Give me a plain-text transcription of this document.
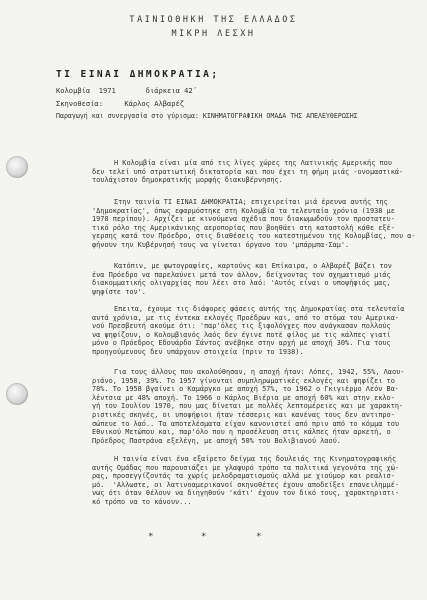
ΤΑΙΝΙΟΘΗΚΗ ΤΗΣ ΕΛΛΑΔΟΣ
ΜΙΚΡΗ ΛΕΣΧΗ
ΤΙ ΕΙΝΑΙ ΔΗΜΟΚΡΑΤΙΑ;
Κολομβία  1971       διάρκεια 42΄
Σκηνοθεσία:     Κάρλος Αλβαρέζ
Παραγωγή και συνεργασία στο γύρισμα: ΚΙΝΗΜΑΤΟΓΡΑΦΙΚΗ ΟΜΑΔΑ ΤΗΣ ΑΠΕΛΕΥΘΕΡΩΣΗΣ
Η Κολομβία είναι μία από τις λίγες χώρες της Λατινικής Αμερικής που
δεν τελεί υπό στρατιωτική δικτατορία και που έχει τη φήμη μιάς -ονομαστικά-
τουλάχιστον δημοκρατικής μορφής διακυβέρνησης.
Στην ταινία ΤΙ ΕΙΝΑΙ ΔΗΜΟΚΡΑΤΙΑ; επιχειρείται μιά έρευνα αυτής της
'Δημοκρατίας', όπως εφαρμόστηκε στη Κολομβία τα τελευταία χρόνια (1938 με
1978 περίπου). Αρχίζει με κινούμενα σχέδια που διακωμωδούν τον προστατευ-
τικό ρόλο της Αμερικάνικης αεροπορίας που βοηθάει στη καταστολή κάθε εξέ-
γερσης κατά τον Πρόεδρο, στις διαθέσεις του κατεστημένου της Κολομβίας, που α-
φήνουν την Κυβέρνησή τους να γίνεται όργανο του 'μπάρμπα-Σαμ'.
Κατόπιν, με φωτογραφίες, καρτούνς και Επίκαιρα, ο Αλβαρέζ βάζει τον
ένα Πρόεδρο να παρελαύνει μετά τον άλλον, δείχνοντας τον σχηματισμό μιάς
διακομματικής ολιγαρχίας που λέει στο λαό: 'Αυτός είναι ο υποψήφιός μας,
ψηφίστε τον'.
Επειτα, έχουμε τις διάφορες φάσεις αυτής της Δημοκρατίας στα τελευταία
αυτά χρόνια, με τις έντεκα εκλογές Προέδρων και, από το στόμα του Αμερικα-
νού Πρεσβευτή ακούμε ότι: 'παρ'όλες τις ξιφολόγχες που ανάγκασαν πολλούς
να ψηφίζουν, ο Κολομβιανός λαός δεν έγινε ποτέ φίλος με τις κάλπες γιατί
μόνο ο Πρόεδρος Εδουάρδο Σάντος ανέβηκε στην αρχή με αποχή 30%. Για τους
προηγούμενους δεν υπάρχουν στοιχεία (πριν το 1938).
Για τους άλλους που ακολούθησαν, η αποχή ήταν: Λόπες, 1942, 55%, Λαου-
ριάνο, 1950, 39%. Το 1957 γίνονται συμπληρωματικές εκλογές και ψηφίζει το
78%. Το 1958 βγαίνει ο Καμάργκο με αποχή 57%, το 1962 ο Γκιγιέρμο Λεόν Βα-
λέντσια με 48% αποχή. Το 1966 ο Κάρλος Βιέρια με αποχή 60% και στην εκλο-
γή του Ιουλίου 1970, που μας δίνεται με πολλές λεπτομέρειες και με χαρακτη-
ριστικές σκηνές, οι υποψήφιοι ήταν τέσσερις και κανένας τους δεν αντιπρο-
σώπευε το λαό.. Τα αποτελέσματα είχαν κανονιστεί από πριν από το κόμμα του
Εθνικού Μετώπου και, παρ'όλο που η προσέλευση στις κάλπες ήταν αρκετή, ο
Πρόεδρος Παστράνα εξελέγη, με αποχή 50% του Βολιβιανού λαού.
Η ταινία είναι ένα εξαίρετο δείγμα της δουλειάς της Κινηματογραφικής
αυτής Ομάδας που παρουσιάζει με γλαφυρό τρόπο τα πολιτικά γεγονότα της χώ-
ρας, προσεγγίζοντάς τα χωρίς μελοδραματισμούς αλλά με χιούμορ και ρεαλισ-
μό.  'Αλλωστε, οι λατινοαμερικανοί σκηνοθέτες έχουν αποδείξει επανειλημμέ-
νως ότι όταν θέλουν να διηγηθούν 'κάτι' έχουν τον δικό τους, χαρακτηριστι-
κό τρόπο να το κάνουν...
*	*	*
